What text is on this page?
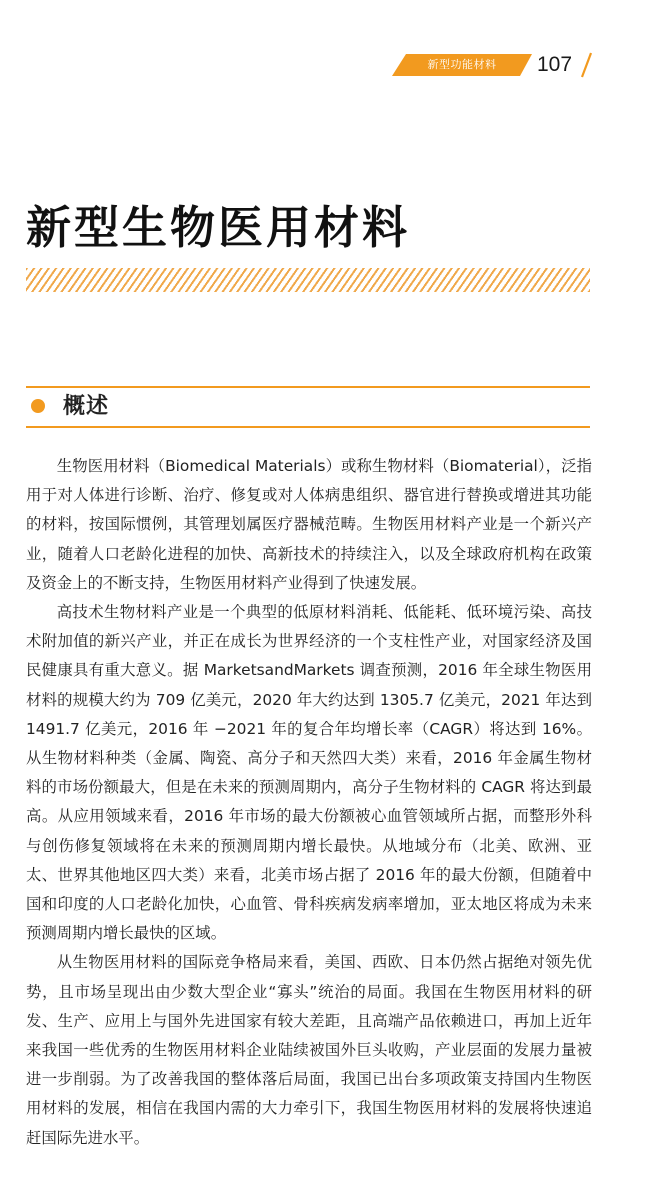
新型功能材料	107
新型生物医用材料
概述

生物医用材料（Biomedical Materials）或称生物材料（Biomaterial），泛指用于对人体进行诊断、治疗、修复或对人体病患组织、器官进行替换或增进其功能的材料，按国际惯例，其管理划属医疗器械范畴。生物医用材料产业是一个新兴产业，随着人口老龄化进程的加快、高新技术的持续注入，以及全球政府机构在政策及资金上的不断支持，生物医用材料产业得到了快速发展。

高技术生物材料产业是一个典型的低原材料消耗、低能耗、低环境污染、高技术附加值的新兴产业，并正在成长为世界经济的一个支柱性产业，对国家经济及国民健康具有重大意义。据 MarketsandMarkets 调查预测，2016 年全球生物医用材料的规模大约为 709 亿美元，2020 年大约达到 1305.7 亿美元，2021 年达到 1491.7 亿美元，2016 年 −2021 年的复合年均增长率（CAGR）将达到 16%。从生物材料种类（金属、陶瓷、高分子和天然四大类）来看，2016 年金属生物材料的市场份额最大，但是在未来的预测周期内，高分子生物材料的 CAGR 将达到最高。从应用领域来看，2016 年市场的最大份额被心血管领域所占据，而整形外科与创伤修复领域将在未来的预测周期内增长最快。从地域分布（北美、欧洲、亚太、世界其他地区四大类）来看，北美市场占据了 2016 年的最大份额，但随着中国和印度的人口老龄化加快，心血管、骨科疾病发病率增加，亚太地区将成为未来预测周期内增长最快的区域。

从生物医用材料的国际竞争格局来看，美国、西欧、日本仍然占据绝对领先优势，且市场呈现出由少数大型企业“寡头”统治的局面。我国在生物医用材料的研发、生产、应用上与国外先进国家有较大差距，且高端产品依赖进口，再加上近年来我国一些优秀的生物医用材料企业陆续被国外巨头收购，产业层面的发展力量被进一步削弱。为了改善我国的整体落后局面，我国已出台多项政策支持国内生物医用材料的发展，相信在我国内需的大力牵引下，我国生物医用材料的发展将快速追赶国际先进水平。
